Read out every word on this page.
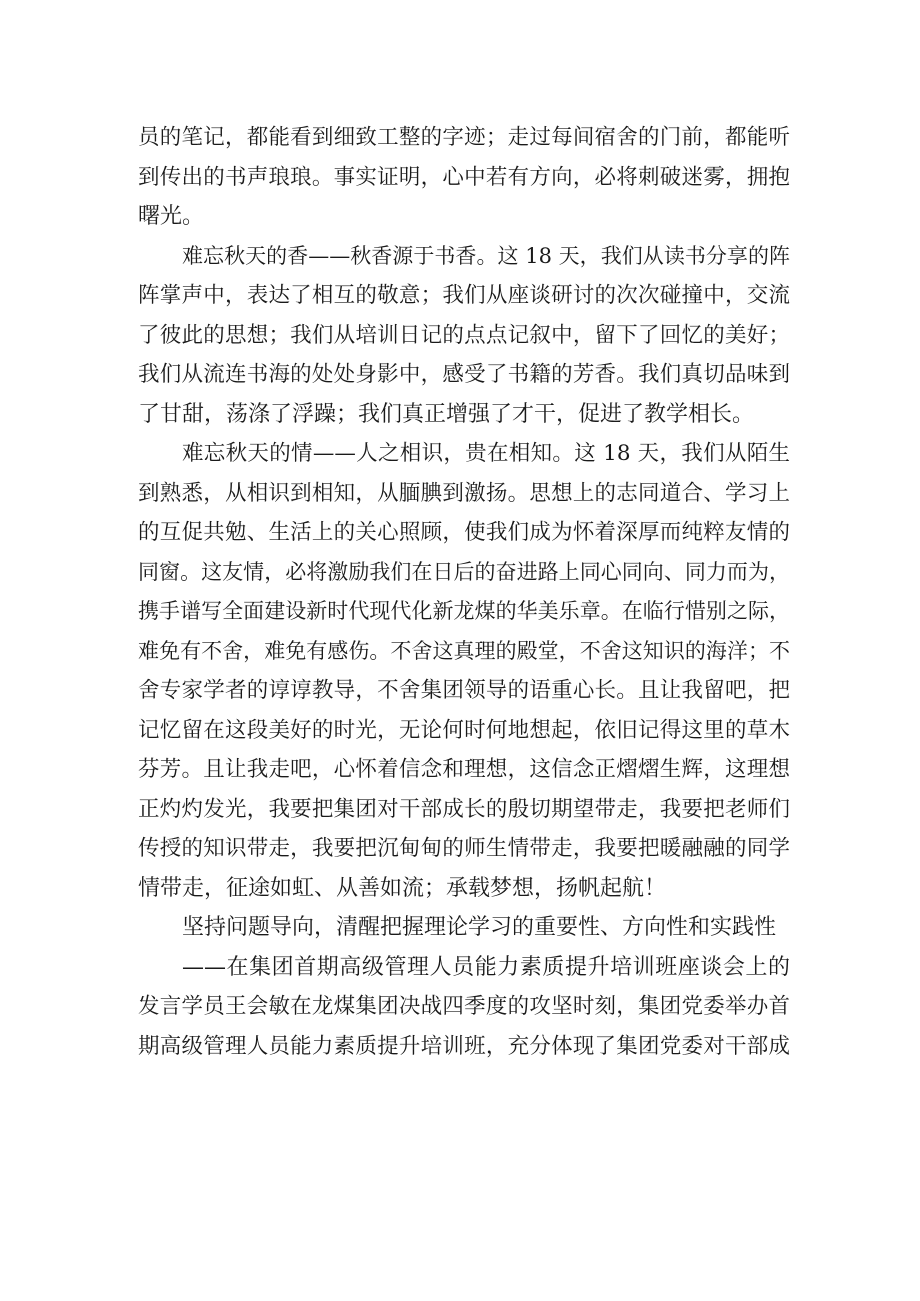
员的笔记，都能看到细致工整的字迹；走过每间宿舍的门前，都能听
到传出的书声琅琅。事实证明，心中若有方向，必将刺破迷雾，拥抱
曙光。
难忘秋天的香——秋香源于书香。这 18 天，我们从读书分享的阵
阵掌声中，表达了相互的敬意；我们从座谈研讨的次次碰撞中，交流
了彼此的思想；我们从培训日记的点点记叙中，留下了回忆的美好；
我们从流连书海的处处身影中，感受了书籍的芳香。我们真切品味到
了甘甜，荡涤了浮躁；我们真正增强了才干，促进了教学相长。
难忘秋天的情——人之相识，贵在相知。这 18 天，我们从陌生
到熟悉，从相识到相知，从腼腆到激扬。思想上的志同道合、学习上
的互促共勉、生活上的关心照顾，使我们成为怀着深厚而纯粹友情的
同窗。这友情，必将激励我们在日后的奋进路上同心同向、同力而为，
携手谱写全面建设新时代现代化新龙煤的华美乐章。在临行惜别之际，
难免有不舍，难免有感伤。不舍这真理的殿堂，不舍这知识的海洋；不
舍专家学者的谆谆教导，不舍集团领导的语重心长。且让我留吧，把
记忆留在这段美好的时光，无论何时何地想起，依旧记得这里的草木
芬芳。且让我走吧，心怀着信念和理想，这信念正熠熠生辉，这理想
正灼灼发光，我要把集团对干部成长的殷切期望带走，我要把老师们
传授的知识带走，我要把沉甸甸的师生情带走，我要把暖融融的同学
情带走，征途如虹、从善如流；承载梦想，扬帆起航！
坚持问题导向，清醒把握理论学习的重要性、方向性和实践性
——在集团首期高级管理人员能力素质提升培训班座谈会上的
发言学员王会敏在龙煤集团决战四季度的攻坚时刻，集团党委举办首
期高级管理人员能力素质提升培训班，充分体现了集团党委对干部成
